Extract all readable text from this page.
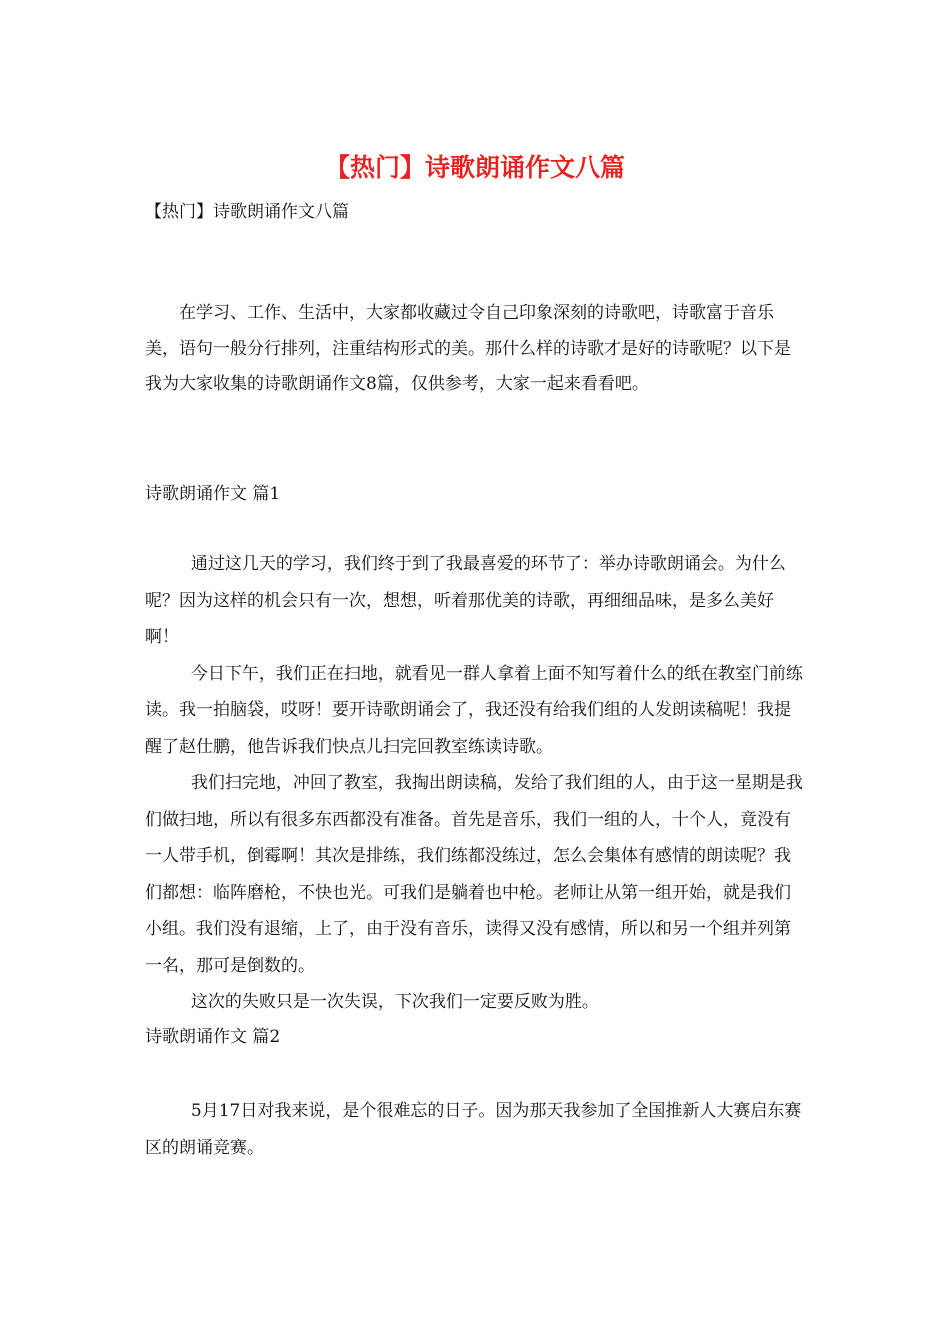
【热门】诗歌朗诵作文八篇
【热门】诗歌朗诵作文八篇

在学习、工作、生活中，大家都收藏过令自己印象深刻的诗歌吧，诗歌富于音乐美，语句一般分行排列，注重结构形式的美。那什么样的诗歌才是好的诗歌呢？以下是我为大家收集的诗歌朗诵作文8篇，仅供参考，大家一起来看看吧。

诗歌朗诵作文 篇1

通过这几天的学习，我们终于到了我最喜爱的环节了：举办诗歌朗诵会。为什么呢？因为这样的机会只有一次，想想，听着那优美的诗歌，再细细品味，是多么美好啊！

今日下午，我们正在扫地，就看见一群人拿着上面不知写着什么的纸在教室门前练读。我一拍脑袋，哎呀！要开诗歌朗诵会了，我还没有给我们组的人发朗读稿呢！我提醒了赵仕鹏，他告诉我们快点儿扫完回教室练读诗歌。

我们扫完地，冲回了教室，我掏出朗读稿，发给了我们组的人，由于这一星期是我们做扫地，所以有很多东西都没有准备。首先是音乐，我们一组的人，十个人，竟没有一人带手机，倒霉啊！其次是排练，我们练都没练过，怎么会集体有感情的朗读呢？我们都想：临阵磨枪，不快也光。可我们是躺着也中枪。老师让从第一组开始，就是我们小组。我们没有退缩，上了，由于没有音乐，读得又没有感情，所以和另一个组并列第一名，那可是倒数的。

这次的失败只是一次失误，下次我们一定要反败为胜。

诗歌朗诵作文 篇2

5月17日对我来说，是个很难忘的日子。因为那天我参加了全国推新人大赛启东赛区的朗诵竞赛。
